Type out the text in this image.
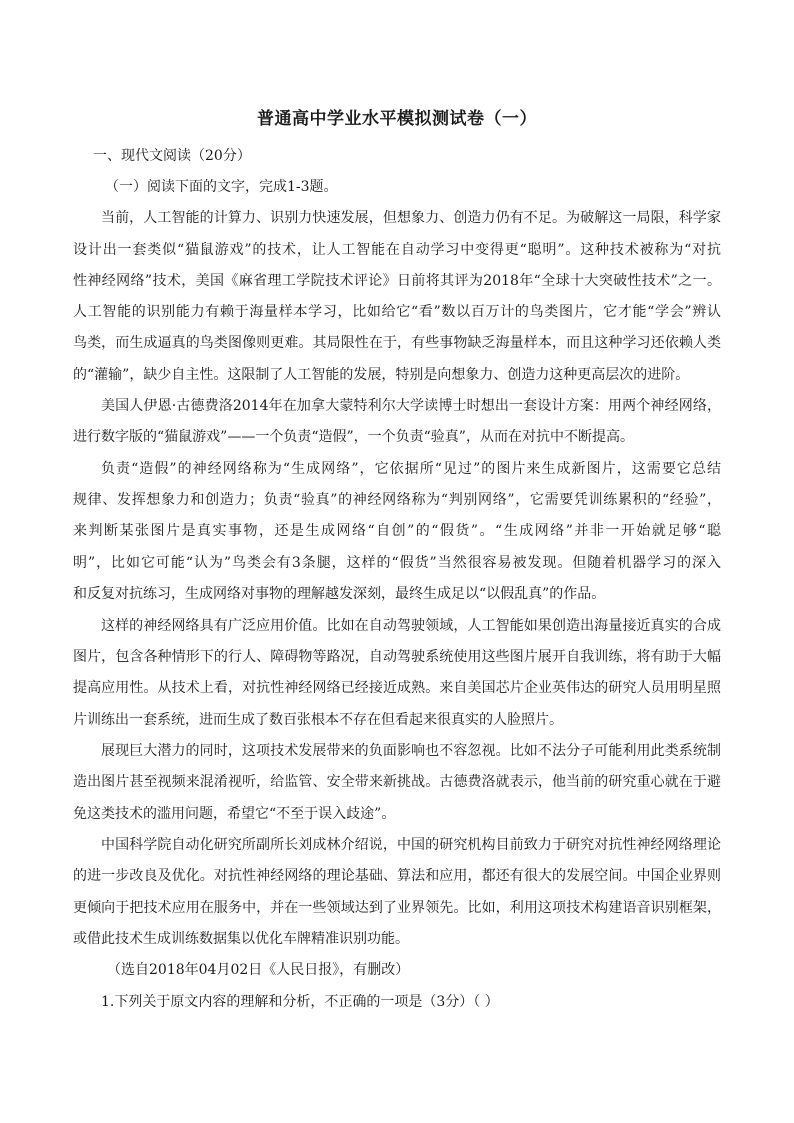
普通高中学业水平模拟测试卷（一）
一、现代文阅读（20分）
（一）阅读下面的文字，完成1-3题。
当前，人工智能的计算力、识别力快速发展，但想象力、创造力仍有不足。为破解这一局限，科学家
设计出一套类似“猫鼠游戏”的技术，让人工智能在自动学习中变得更“聪明”。这种技术被称为“对抗
性神经网络”技术，美国《麻省理工学院技术评论》日前将其评为2018年“全球十大突破性技术”之一。
人工智能的识别能力有赖于海量样本学习，比如给它“看”数以百万计的鸟类图片，它才能“学会”辨认
鸟类，而生成逼真的鸟类图像则更难。其局限性在于，有些事物缺乏海量样本，而且这种学习还依赖人类
的“灌输”，缺少自主性。这限制了人工智能的发展，特别是向想象力、创造力这种更高层次的进阶。
美国人伊恩·古德费洛2014年在加拿大蒙特利尔大学读博士时想出一套设计方案：用两个神经网络，
进行数字版的“猫鼠游戏”——一个负责“造假”，一个负责“验真”，从而在对抗中不断提高。
负责“造假”的神经网络称为“生成网络”，它依据所“见过”的图片来生成新图片，这需要它总结
规律、发挥想象力和创造力；负责“验真”的神经网络称为“判别网络”，它需要凭训练累积的“经验”，
来判断某张图片是真实事物，还是生成网络“自创”的“假货”。“生成网络”并非一开始就足够“聪
明”，比如它可能“认为”鸟类会有3条腿，这样的“假货”当然很容易被发现。但随着机器学习的深入
和反复对抗练习，生成网络对事物的理解越发深刻，最终生成足以“以假乱真”的作品。
这样的神经网络具有广泛应用价值。比如在自动驾驶领域，人工智能如果创造出海量接近真实的合成
图片，包含各种情形下的行人、障碍物等路况，自动驾驶系统使用这些图片展开自我训练，将有助于大幅
提高应用性。从技术上看，对抗性神经网络已经接近成熟。来自美国芯片企业英伟达的研究人员用明星照
片训练出一套系统，进而生成了数百张根本不存在但看起来很真实的人脸照片。
展现巨大潜力的同时，这项技术发展带来的负面影响也不容忽视。比如不法分子可能利用此类系统制
造出图片甚至视频来混淆视听，给监管、安全带来新挑战。古德费洛就表示，他当前的研究重心就在于避
免这类技术的滥用问题，希望它“不至于误入歧途”。
中国科学院自动化研究所副所长刘成林介绍说，中国的研究机构目前致力于研究对抗性神经网络理论
的进一步改良及优化。对抗性神经网络的理论基础、算法和应用，都还有很大的发展空间。中国企业界则
更倾向于把技术应用在服务中，并在一些领域达到了业界领先。比如，利用这项技术构建语音识别框架，
或借此技术生成训练数据集以优化车牌精准识别功能。
（选自2018年04月02日《人民日报》，有删改）
1.下列关于原文内容的理解和分析，不正确的一项是（3分）（ ）
